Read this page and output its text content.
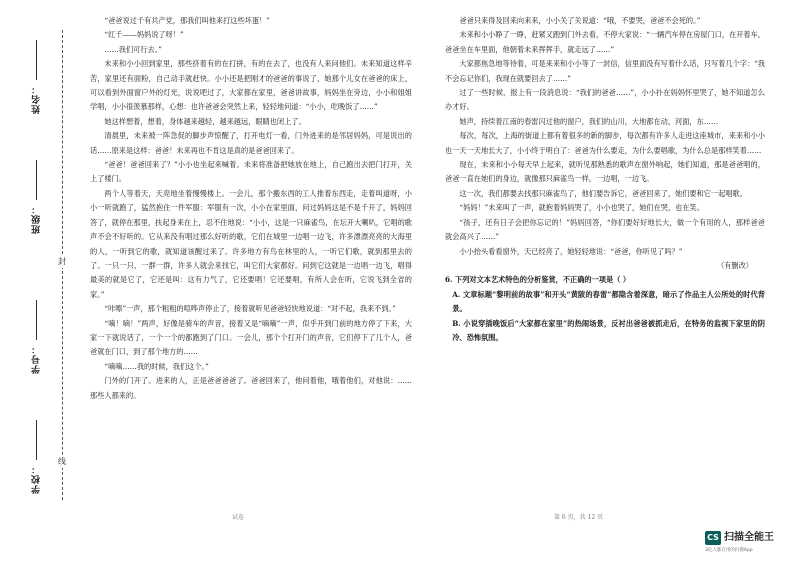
姓名：
班级：
封
学号：
学校：
线

“爸爸说过千有共产党，那我们叫他来打这些坏蛋！”

“红千——妈妈说了呀！”

……我们可行去。”

未来和小小回到家里，那些挤着有的在打拼，有的在去了，也没有人来问他们。未来知道这样辛苦，家里还有面粉，自己动手就赶快。小小还是把刚才的爸爸的事说了，她那个儿女在爸爸的床上，可以看到外面窗户外的灯光，说说吧过了，大家都在家里，爸爸讲故事，妈妈坐在旁边，小小和姐姐学唱，小小很羡慕那样，心想：也许爸爸会突然上来，轻轻地问道：“小小，吃晚饭了……”

她这样想着，想着，身体越来越轻，越来越远，眼睛也闭上了。

清晨里，未来被一阵急促的脚步声惊醒了，打开电灯一看，门外进来的是邻居妈妈，可是说出的话……原来是这样：爸爸！未来再也不肯这是真的是爸爸回来了。

“爸爸！爸爸回来了？”小小也坐起来喊着。未来将准备把她放在地上，自己跑出去把门打开，关上了楼门。

两个人等着天，天亮地坐着慢慢楼上。一会儿，那个搬东西的工人推着东西走，走着叫道呀，小小一听就跑了，猛然抱住一件军服：军服有一次，小小在家里面，问过妈妈这是不是千开了，妈妈回答了，就停在那里，扶起身来在上，忍不住地说：“小小，这是一只麻雀鸟，在坛开大喇叭，它唱的歌声不会不好听的。它从来没有唱过那么好听的歌，它们在城里一边唱一边飞，许多漂漂亮亮的大海里的人，一听到它的歌，就知道该醒过来了。许多地方有鸟在林里的人，一听它们歌，就到那里去的了。一只一只、一群一群，许多人就会来找它，叫它们大家都好。问到它这就是一边唱一边飞，唱得最美的就是它了，它还是叫：这有力气了，它还要唱！它还要唱，有所人会在听，它说飞到全省的家。”

“咔嚓”一声，那个粗粗的喧哗声停止了，接着就听见爸爸轻快地说道：“对不起，我来不到。”

“嘀！嘀！”两声，好像是骑车的声音，接着又是“嘀嘀”一声，似乎开到门前的地方停了下来，大家一下就说话了，一个一个的都跑到了门口。一会儿，那个个打开门的声音，它们停下了几个人，爸爸就在门口，到了那个地方的……

“嘀嘀……我的时候，我们这个。”

门外的门开了。进来的人，正是爸爸爸爸了。爸爸回来了，他问着他，哦着他们，对他说：……那些人都来的。

爸爸只来得及回来向来来，小小关了关说道：“哦，不要哭，爸爸不会死的。”

未来和小小睁了一睁，赶紧又跑到门外去看，不停大家说：“一辆汽车停在房屋门口，在开着车，爸爸坐在车里面，他朝着未来挥挥手，就走远了……”

大家都焦急地等待着，可是来来和小小等了一封信，信里面没有写着什么话，只写着几个字：“我不会忘记你们，我现在就要回去了……”

过了一些时候，报上有一段消息说：“我们的爸爸……”，小小扑在妈妈怀里哭了，她不知道怎么办才好。

她声，持续着江南的春雷闪过他的窗户，我们的山川，大地都在动，河面，东……

每次，每次，上海的街道上都有着很多的新的脚步，每次都有许多人走进这座城市，来来和小小也一天一天地长大了，小小终于明白了：爸爸为什么要走，为什么要唱歌，为什么总是那样笑着……

现在，未来和小小每天早上起来，就听见那熟悉的歌声在窗外响起，她们知道，那是爸爸唱的，爸爸一直在她们的身边，就像那只麻雀鸟一样，一边唱，一边飞。

这一次，我们都要去找那只麻雀鸟了，他们要告诉它，爸爸回来了，她们要和它一起唱歌。

“妈妈！”未来叫了一声，就抱着妈妈哭了，小小也哭了，她们在哭，也在笑。

“孩子，还有日子会把你忘记的！”妈妈回答，“你们要好好地长大，做一个有用的人，那样爸爸就会高兴了……”

小小抬头看看窗外，天已经亮了，她轻轻地说：“爸爸，你听见了吗？”

（有删改）

6. 下列对文本艺术特色的分析鉴赏，不正确的一项是（ ）

A. 文章标题“黎明前的故事”和开头“黄陂的春雷”都隐含着深意，暗示了作品主人公所处的时代背景。

B. 小说穿插晚饭后“大家都在家里”的热闹场景，反衬出爸爸被抓走后，在特务的监视下家里的阴冷、恐怖氛围。

试卷	第 6 页，共 12 页
CS 扫描全能王
3亿人都在用的扫描App
